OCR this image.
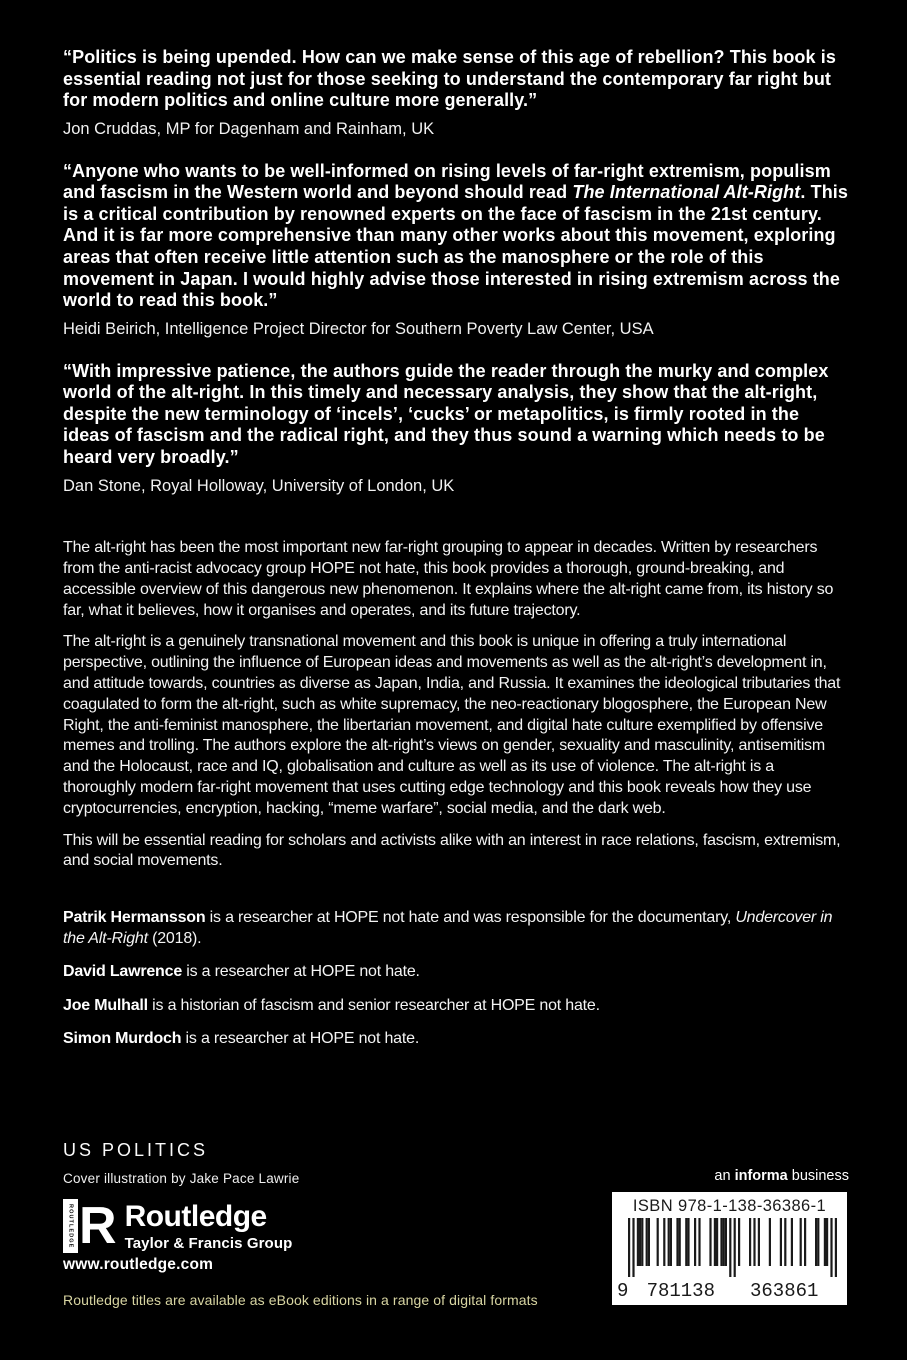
“Politics is being upended. How can we make sense of this age of rebellion? This book is essential reading not just for those seeking to understand the contemporary far right but for modern politics and online culture more generally.”

Jon Cruddas, MP for Dagenham and Rainham, UK

“Anyone who wants to be well-informed on rising levels of far-right extremism, populism and fascism in the Western world and beyond should read The International Alt-Right. This is a critical contribution by renowned experts on the face of fascism in the 21st century. And it is far more comprehensive than many other works about this movement, exploring areas that often receive little attention such as the manosphere or the role of this movement in Japan. I would highly advise those interested in rising extremism across the world to read this book.”

Heidi Beirich, Intelligence Project Director for Southern Poverty Law Center, USA

“With impressive patience, the authors guide the reader through the murky and complex world of the alt-right. In this timely and necessary analysis, they show that the alt-right, despite the new terminology of ‘incels’, ‘cucks’ or metapolitics, is firmly rooted in the ideas of fascism and the radical right, and they thus sound a warning which needs to be heard very broadly.”

Dan Stone, Royal Holloway, University of London, UK

The alt-right has been the most important new far-right grouping to appear in decades. Written by researchers from the anti-racist advocacy group HOPE not hate, this book provides a thorough, ground-breaking, and accessible overview of this dangerous new phenomenon. It explains where the alt-right came from, its history so far, what it believes, how it organises and operates, and its future trajectory.

The alt-right is a genuinely transnational movement and this book is unique in offering a truly international perspective, outlining the influence of European ideas and movements as well as the alt-right’s development in, and attitude towards, countries as diverse as Japan, India, and Russia. It examines the ideological tributaries that coagulated to form the alt-right, such as white supremacy, the neo-reactionary blogosphere, the European New Right, the anti-feminist manosphere, the libertarian movement, and digital hate culture exemplified by offensive memes and trolling. The authors explore the alt-right’s views on gender, sexuality and masculinity, antisemitism and the Holocaust, race and IQ, globalisation and culture as well as its use of violence. The alt-right is a thoroughly modern far-right movement that uses cutting edge technology and this book reveals how they use cryptocurrencies, encryption, hacking, “meme warfare”, social media, and the dark web.

This will be essential reading for scholars and activists alike with an interest in race relations, fascism, extremism, and social movements.

Patrik Hermansson is a researcher at HOPE not hate and was responsible for the documentary, Undercover in the Alt-Right (2018).

David Lawrence is a researcher at HOPE not hate.

Joe Mulhall is a historian of fascism and senior researcher at HOPE not hate.

Simon Murdoch is a researcher at HOPE not hate.

US POLITICS
Cover illustration by Jake Pace Lawrie	an informa business
ROUTLEDGE R Routledge
Taylor & Francis Group
www.routledge.com
Routledge titles are available as eBook editions in a range of digital formats
ISBN 978-1-138-36386-1
9 781138 363861
